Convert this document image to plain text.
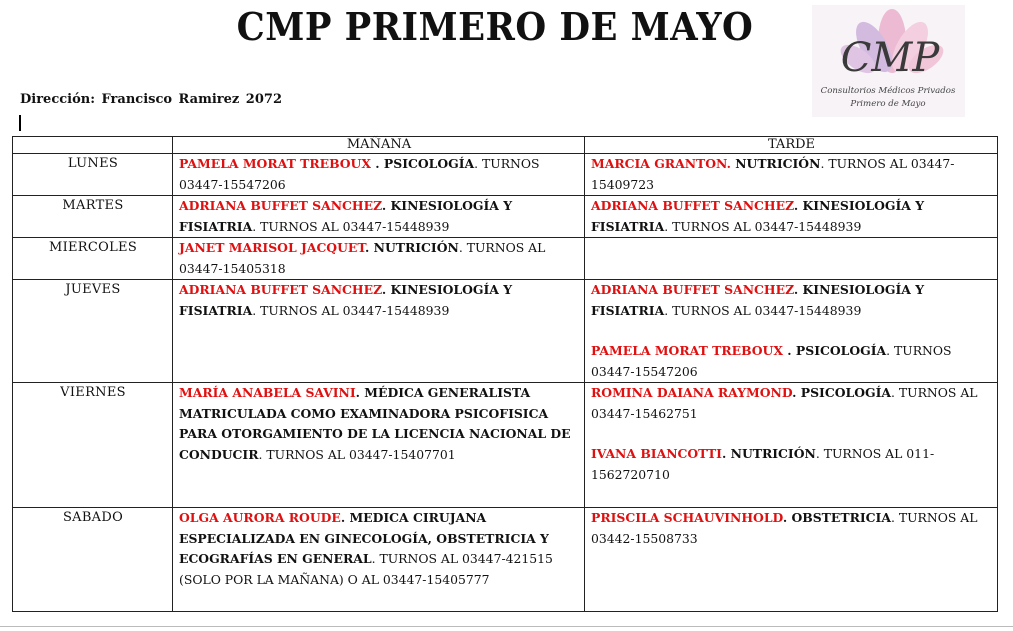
CMP PRIMERO DE MAYO
CMP
Consultorios Médicos Privados
Primero de Mayo
Dirección: Francisco Ramirez 2072
	MAÑANA	TARDE
LUNES	PAMELA MORAT TREBOUX . PSICOLOGÍA. TURNOS 03447-15547206	MARCIA GRANTON. NUTRICIÓN. TURNOS AL 03447-15409723
MARTES	ADRIANA BUFFET SANCHEZ. KINESIOLOGÍA Y FISIATRIA. TURNOS AL 03447-15448939	ADRIANA BUFFET SANCHEZ. KINESIOLOGÍA Y FISIATRIA. TURNOS AL 03447-15448939
MIERCOLES	JANET MARISOL JACQUET. NUTRICIÓN. TURNOS AL 03447-15405318	
JUEVES	ADRIANA BUFFET SANCHEZ. KINESIOLOGÍA Y FISIATRIA. TURNOS AL 03447-15448939	ADRIANA BUFFET SANCHEZ. KINESIOLOGÍA Y FISIATRIA. TURNOS AL 03447-15448939
PAMELA MORAT TREBOUX . PSICOLOGÍA. TURNOS 03447-15547206

VIERNES	MARÍA ANABELA SAVINI. MÉDICA GENERALISTA MATRICULADA COMO EXAMINADORA PSICOFISICA PARA OTORGAMIENTO DE LA LICENCIA NACIONAL DE CONDUCIR. TURNOS AL 03447-15407701	ROMINA DAIANA RAYMOND. PSICOLOGÍA. TURNOS AL 03447-15462751
IVANA BIANCOTTI. NUTRICIÓN. TURNOS AL 011-1562720710

SABADO	OLGA AURORA ROUDE. MEDICA CIRUJANA ESPECIALIZADA EN GINECOLOGÍA, OBSTETRICIA Y ECOGRAFÍAS EN GENERAL. TURNOS AL 03447-421515 (SOLO POR LA MAÑANA) O AL 03447-15405777	PRISCILA SCHAUVINHOLD. OBSTETRICIA. TURNOS AL 03442-15508733
